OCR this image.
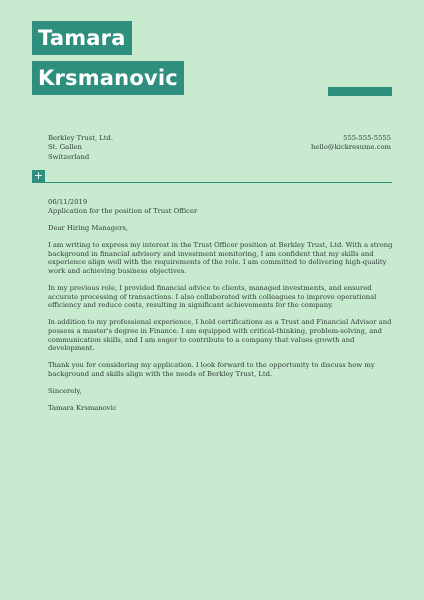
Tamara
Krsmanovic
Berkley Trust, Ltd.
St. Gallen
Switzerland
555-555-5555
hello@kickresume.com
+
06/11/2019

Application for the position of Trust Officer

Dear Hiring Managers,

I am writing to express my interest in the Trust Officer position at Berkley Trust, Ltd. With a strong background in financial advisory and investment monitoring, I am confident that my skills and experience align well with the requirements of the role. I am committed to delivering high-quality work and achieving business objectives.

In my previous role, I provided financial advice to clients, managed investments, and ensured accurate processing of transactions. I also collaborated with colleagues to improve operational efficiency and reduce costs, resulting in significant achievements for the company.

In addition to my professional experience, I hold certifications as a Trust and Financial Advisor and possess a master's degree in Finance. I am equipped with critical-thinking, problem-solving, and communication skills, and I am eager to contribute to a company that values growth and development.

Thank you for considering my application. I look forward to the opportunity to discuss how my background and skills align with the needs of Berkley Trust, Ltd.

Sincerely,

Tamara Krsmanovic
